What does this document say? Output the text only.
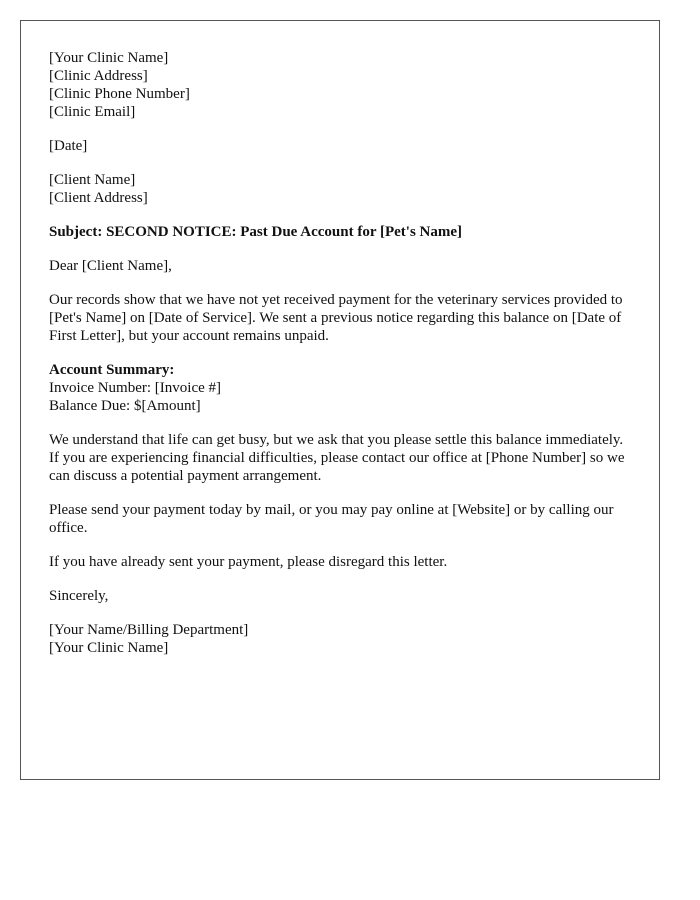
[Your Clinic Name]
[Clinic Address]
[Clinic Phone Number]
[Clinic Email]
[Date]
[Client Name]
[Client Address]
Subject: SECOND NOTICE: Past Due Account for [Pet's Name]
Dear [Client Name],

Our records show that we have not yet received payment for the veterinary services provided to [Pet's Name] on [Date of Service]. We sent a previous notice regarding this balance on [Date of First Letter], but your account remains unpaid.

Account Summary:
Invoice Number: [Invoice #]
Balance Due: $[Amount]

We understand that life can get busy, but we ask that you please settle this balance immediately. If you are experiencing financial difficulties, please contact our office at [Phone Number] so we can discuss a potential payment arrangement.

Please send your payment today by mail, or you may pay online at [Website] or by calling our office.

If you have already sent your payment, please disregard this letter.

Sincerely,
[Your Name/Billing Department]
[Your Clinic Name]
